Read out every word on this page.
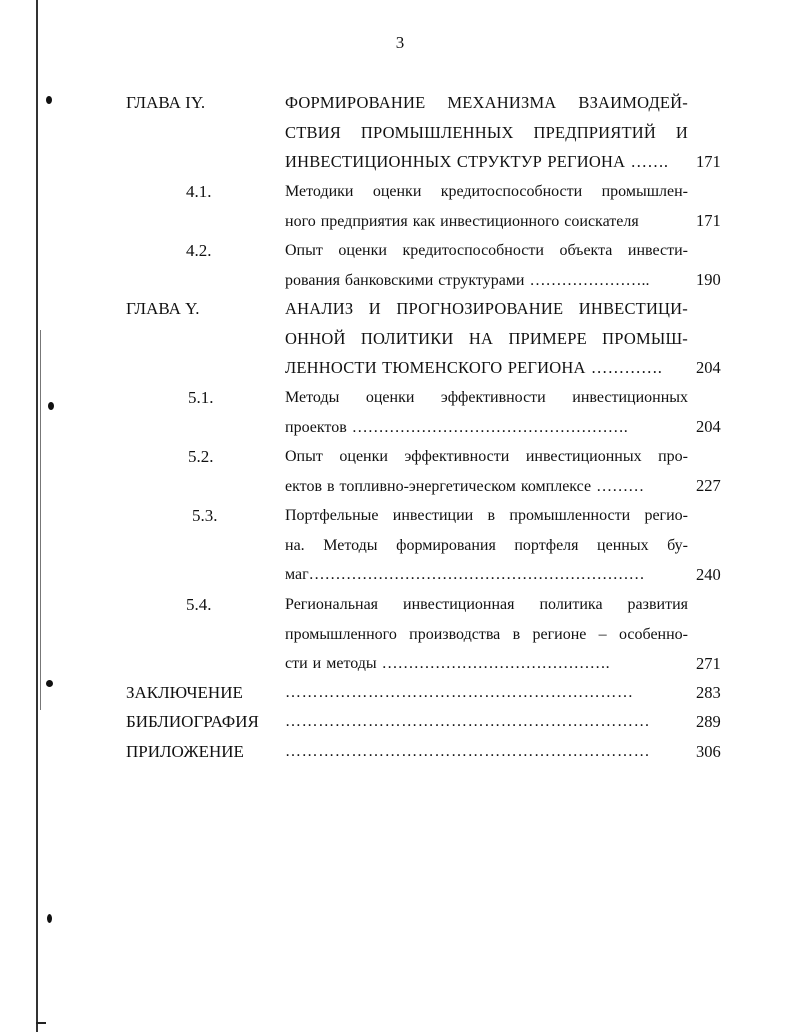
3
ГЛАВА IY.	ФОРМИРОВАНИЕ МЕХАНИЗМА ВЗАИМОДЕЙ-
СТВИЯ ПРОМЫШЛЕННЫХ ПРЕДПРИЯТИЙ И
ИНВЕСТИЦИОННЫХ СТРУКТУР РЕГИОНА …….	171
4.1.	Методики оценки кредитоспособности промышлен-
ного предприятия как инвестиционного соискателя	171
4.2.	Опыт оценки кредитоспособности объекта инвести-
рования банковскими структурами …………………..	190
ГЛАВА Y.	АНАЛИЗ И ПРОГНОЗИРОВАНИЕ ИНВЕСТИЦИ-
ОННОЙ ПОЛИТИКИ НА ПРИМЕРЕ ПРОМЫШ-
ЛЕННОСТИ ТЮМЕНСКОГО РЕГИОНА ………….	204
5.1.	Методы оценки эффективности инвестиционных
проектов …………………………………………….	204
5.2.	Опыт оценки эффективности инвестиционных про-
ектов в топливно-энергетическом комплексе ………	227
5.3.	Портфельные инвестиции в промышленности регио-
на. Методы формирования портфеля ценных бу-
маг………………………………………………………	240
5.4.	Региональная инвестиционная политика развития
промышленного производства в регионе – особенно-
сти и методы …………………………………….	271
ЗАКЛЮЧЕНИЕ	………………………………………………………	283
БИБЛИОГРАФИЯ …………………………………………………………	289
ПРИЛОЖЕНИЕ	…………………………………………………………	306
